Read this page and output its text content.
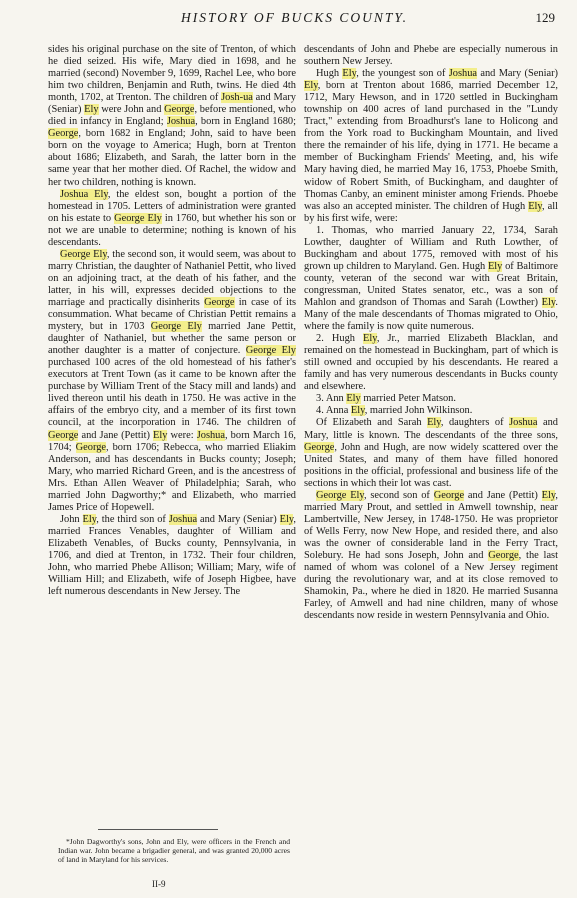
HISTORY OF BUCKS COUNTY.	129

sides his original purchase on the site of Trenton, of which he died seized. His wife, Mary died in 1698, and he married (second) November 9, 1699, Rachel Lee, who bore him two children, Benjamin and Ruth, twins. He died 4th month, 1702, at Trenton. The children of Josh-ua and Mary (Seniar) Ely were John and George, before mentioned, who died in infancy in England; Joshua, born in England 1680; George, born 1682 in England; John, said to have been born on the voyage to America; Hugh, born at Trenton about 1686; Elizabeth, and Sarah, the latter born in the same year that her mother died. Of Rachel, the widow and her two children, nothing is known.

Joshua Ely, the eldest son, bought a portion of the homestead in 1705. Letters of administration were granted on his estate to George Ely in 1760, but whether his son or not we are unable to determine; nothing is known of his descendants.

George Ely, the second son, it would seem, was about to marry Christian, the daughter of Nathaniel Pettit, who lived on an adjoining tract, at the death of his father, and the latter, in his will, expresses decided objections to the marriage and practically disinherits George in case of its consummation. What became of Christian Pettit remains a mystery, but in 1703 George Ely married Jane Pettit, daughter of Nathaniel, but whether the same person or another daughter is a matter of conjecture. George Ely purchased 100 acres of the old homestead of his father's executors at Trent Town (as it came to be known after the purchase by William Trent of the Stacy mill and lands) and lived thereon until his death in 1750. He was active in the affairs of the embryo city, and a member of its first town council, at the incorporation in 1746. The children of George and Jane (Pettit) Ely were: Joshua, born March 16, 1704; George, born 1706; Rebecca, who married Eliakim Anderson, and has descendants in Bucks county; Joseph; Mary, who married Richard Green, and is the ancestress of Mrs. Ethan Allen Weaver of Philadelphia; Sarah, who married John Dagworthy;* and Elizabeth, who married James Price of Hopewell.

John Ely, the third son of Joshua and Mary (Seniar) Ely, married Frances Venables, daughter of William and Elizabeth Venables, of Bucks county, Pennsylvania, in 1706, and died at Trenton, in 1732. Their four children, John, who married Phebe Allison; William; Mary, wife of William Hill; and Elizabeth, wife of Joseph Higbee, have left numerous descendants in New Jersey. The

descendants of John and Phebe are especially numerous in southern New Jersey.

Hugh Ely, the youngest son of Joshua and Mary (Seniar) Ely, born at Trenton about 1686, married December 12, 1712, Mary Hewson, and in 1720 settled in Buckingham township on 400 acres of land purchased in the "Lundy Tract," extending from Broadhurst's lane to Holicong and from the York road to Buckingham Mountain, and lived there the remainder of his life, dying in 1771. He became a member of Buckingham Friends' Meeting, and, his wife Mary having died, he married May 16, 1753, Phoebe Smith, widow of Robert Smith, of Buckingham, and daughter of Thomas Canby, an eminent minister among Friends. Phoebe was also an accepted minister. The children of Hugh Ely, all by his first wife, were:

1. Thomas, who married January 22, 1734, Sarah Lowther, daughter of William and Ruth Lowther, of Buckingham and about 1775, removed with most of his grown up children to Maryland. Gen. Hugh Ely of Baltimore county, veteran of the second war with Great Britain, congressman, United States senator, etc., was a son of Mahlon and grandson of Thomas and Sarah (Lowther) Ely. Many of the male descendants of Thomas migrated to Ohio, where the family is now quite numerous.

2. Hugh Ely, Jr., married Elizabeth Blacklan, and remained on the homestead in Buckingham, part of which is still owned and occupied by his descendants. He reared a family and has very numerous descendants in Bucks county and elsewhere.

3. Ann Ely married Peter Matson.

4. Anna Ely, married John Wilkinson.

Of Elizabeth and Sarah Ely, daughters of Joshua and Mary, little is known. The descendants of the three sons, George, John and Hugh, are now widely scattered over the United States, and many of them have filled honored positions in the official, professional and business life of the sections in which their lot was cast.

George Ely, second son of George and Jane (Pettit) Ely, married Mary Prout, and settled in Amwell township, near Lambertville, New Jersey, in 1748-1750. He was proprietor of Wells Ferry, now New Hope, and resided there, and also was the owner of considerable land in the Ferry Tract, Solebury. He had sons Joseph, John and George, the last named of whom was colonel of a New Jersey regiment during the revolutionary war, and at its close removed to Shamokin, Pa., where he died in 1820. He married Susanna Farley, of Amwell and had nine children, many of whose descendants now reside in western Pennsylvania and Ohio.

*John Dagworthy's sons, John and Ely, were officers in the French and Indian war. John became a brigadier general, and was granted 20,000 acres of land in Maryland for his services.

II-9
